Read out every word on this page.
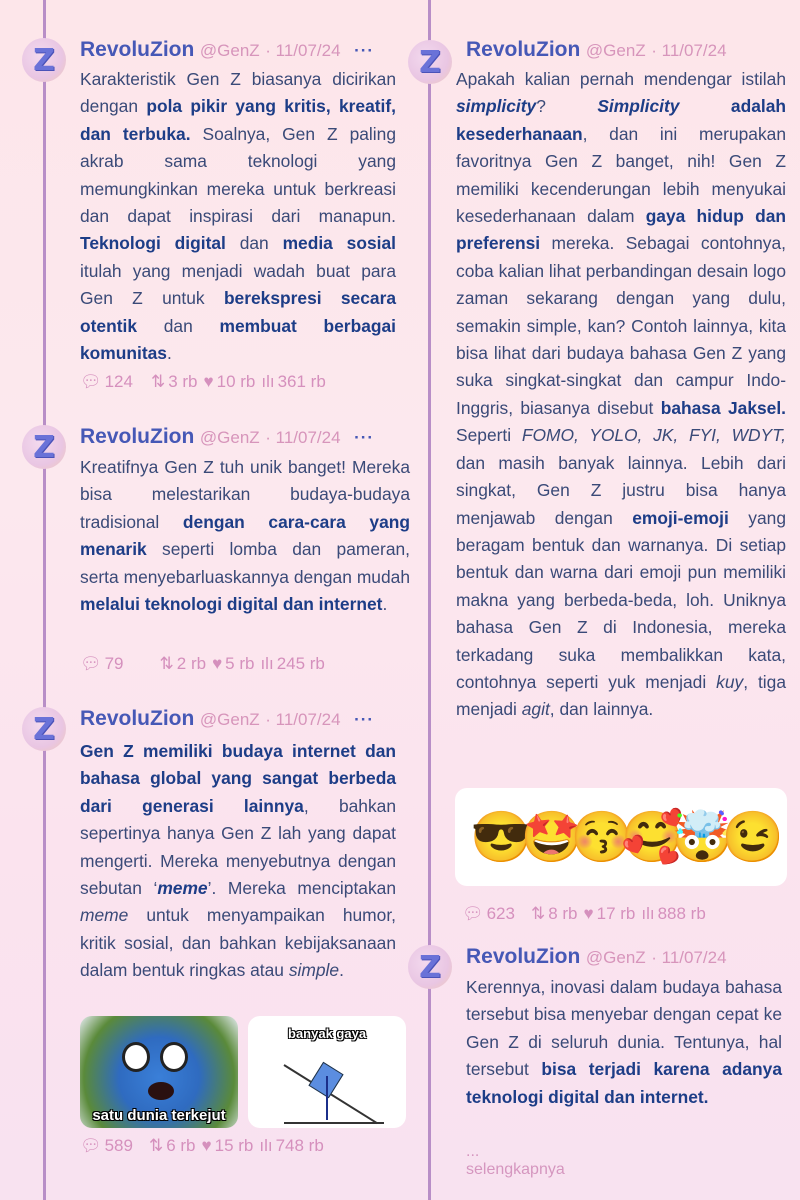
Z	RevoluZion @GenZ · 11/07/24 ···
Karakteristik Gen Z biasanya dicirikan dengan pola pikir yang kritis, kreatif, dan terbuka. Soalnya, Gen Z paling akrab sama teknologi yang memungkinkan mereka untuk berkreasi dan dapat inspirasi dari manapun. Teknologi digital dan media sosial itulah yang menjadi wadah buat para Gen Z untuk berekspresi secara otentik dan membuat berbagai komunitas.
💬︎ 124 ⇅ 3 rb ♥ 10 rb ılı 361 rb
Z	RevoluZion @GenZ · 11/07/24 ···
Kreatifnya Gen Z tuh unik banget! Mereka bisa melestarikan budaya-budaya tradisional dengan cara-cara yang menarik seperti lomba dan pameran, serta menyebarluaskannya dengan mudah melalui teknologi digital dan internet.
💬︎ 79 ⇅ 2 rb ♥ 5 rb ılı 245 rb
Z	RevoluZion @GenZ · 11/07/24 ···
Gen Z memiliki budaya internet dan bahasa global yang sangat berbeda dari generasi lainnya, bahkan sepertinya hanya Gen Z lah yang dapat mengerti. Mereka menyebutnya dengan sebutan ‘meme’. Mereka menciptakan meme untuk menyampaikan humor, kritik sosial, dan bahkan kebijaksanaan dalam bentuk ringkas atau simple.
satu dunia terkejut
banyak gaya
💬︎ 589 ⇅ 6 rb ♥ 15 rb ılı 748 rb
Z	RevoluZion @GenZ · 11/07/24
Apakah kalian pernah mendengar istilah simplicity? Simplicity adalah kesederhanaan, dan ini merupakan favoritnya Gen Z banget, nih! Gen Z memiliki kecenderungan lebih menyukai kesederhanaan dalam gaya hidup dan preferensi mereka. Sebagai contohnya, coba kalian lihat perbandingan desain logo zaman sekarang dengan yang dulu, semakin simple, kan? Contoh lainnya, kita bisa lihat dari budaya bahasa Gen Z yang suka singkat-singkat dan campur Indo-Inggris, biasanya disebut bahasa Jaksel. Seperti FOMO, YOLO, JK, FYI, WDYT, dan masih banyak lainnya. Lebih dari singkat, Gen Z justru bisa hanya menjawab dengan emoji-emoji yang beragam bentuk dan warnanya. Di setiap bentuk dan warna dari emoji pun memiliki makna yang berbeda-beda, loh. Uniknya bahasa Gen Z di Indonesia, mereka terkadang suka membalikkan kata, contohnya seperti yuk menjadi kuy, tiga menjadi agit, dan lainnya.
😎🤩😚🥰🤯😉
💬︎ 623 ⇅ 8 rb ♥ 17 rb ılı 888 rb
Z	RevoluZion @GenZ · 11/07/24
Kerennya, inovasi dalam budaya bahasa tersebut bisa menyebar dengan cepat ke Gen Z di seluruh dunia. Tentunya, hal tersebut bisa terjadi karena adanya teknologi digital dan internet.
... selengkapnya
